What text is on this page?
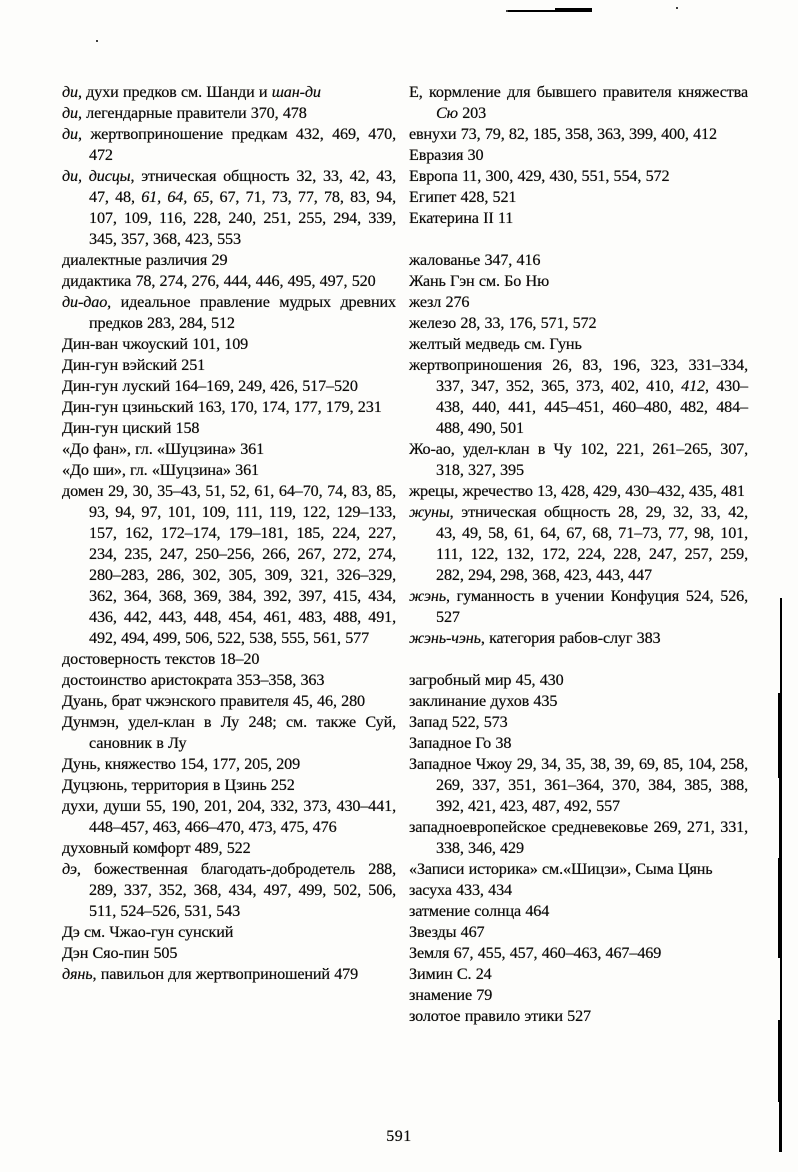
ди, духи предков см. Шанди и шан-ди

ди, легендарные правители 370, 478

ди, жертвоприношение предкам 432, 469, 470, 472

ди, дисцы, этническая общность 32, 33, 42, 43, 47, 48, 61, 64, 65, 67, 71, 73, 77, 78, 83, 94, 107, 109, 116, 228, 240, 251, 255, 294, 339, 345, 357, 368, 423, 553

диалектные различия 29

дидактика 78, 274, 276, 444, 446, 495, 497, 520

ди-дао, идеальное правление мудрых древних предков 283, 284, 512

Дин-ван чжоуский 101, 109

Дин-гун вэйский 251

Дин-гун луский 164–169, 249, 426, 517–520

Дин-гун цзиньский 163, 170, 174, 177, 179, 231

Дин-гун циский 158

«До фан», гл. «Шуцзина» 361

«До ши», гл. «Шуцзина» 361

домен 29, 30, 35–43, 51, 52, 61, 64–70, 74, 83, 85, 93, 94, 97, 101, 109, 111, 119, 122, 129–133, 157, 162, 172–174, 179–181, 185, 224, 227, 234, 235, 247, 250–256, 266, 267, 272, 274, 280–283, 286, 302, 305, 309, 321, 326–329, 362, 364, 368, 369, 384, 392, 397, 415, 434, 436, 442, 443, 448, 454, 461, 483, 488, 491, 492, 494, 499, 506, 522, 538, 555, 561, 577

достоверность текстов 18–20

достоинство аристократа 353–358, 363

Дуань, брат чжэнского правителя 45, 46, 280

Дунмэн, удел-клан в Лу 248; см. также Суй, сановник в Лу

Дунь, княжество 154, 177, 205, 209

Дуцзюнь, территория в Цзинь 252

духи, души 55, 190, 201, 204, 332, 373, 430–441, 448–457, 463, 466–470, 473, 475, 476

духовный комфорт 489, 522

дэ, божественная благодать-добродетель 288, 289, 337, 352, 368, 434, 497, 499, 502, 506, 511, 524–526, 531, 543

Дэ см. Чжао-гун сунский

Дэн Сяо-пин 505

дянь, павильон для жертвоприношений 479

Е, кормление для бывшего правителя княжества Сю 203

евнухи 73, 79, 82, 185, 358, 363, 399, 400, 412

Евразия 30

Европа 11, 300, 429, 430, 551, 554, 572

Египет 428, 521

Екатерина II 11

жалованье 347, 416

Жань Гэн см. Бо Ню

жезл 276

железо 28, 33, 176, 571, 572

желтый медведь см. Гунь

жертвоприношения 26, 83, 196, 323, 331–334, 337, 347, 352, 365, 373, 402, 410, 412, 430–438, 440, 441, 445–451, 460–480, 482, 484–488, 490, 501

Жо-ао, удел-клан в Чу 102, 221, 261–265, 307, 318, 327, 395

жрецы, жречество 13, 428, 429, 430–432, 435, 481

жуны, этническая общность 28, 29, 32, 33, 42, 43, 49, 58, 61, 64, 67, 68, 71–73, 77, 98, 101, 111, 122, 132, 172, 224, 228, 247, 257, 259, 282, 294, 298, 368, 423, 443, 447

жэнь, гуманность в учении Конфуция 524, 526, 527

жэнь-чэнь, категория рабов-слуг 383

загробный мир 45, 430

заклинание духов 435

Запад 522, 573

Западное Го 38

Западное Чжоу 29, 34, 35, 38, 39, 69, 85, 104, 258, 269, 337, 351, 361–364, 370, 384, 385, 388, 392, 421, 423, 487, 492, 557

западноевропейское средневековье 269, 271, 331, 338, 346, 429

«Записи историка» см.«Шицзи», Сыма Цянь

засуха 433, 434

затмение солнца 464

Звезды 467

Земля 67, 455, 457, 460–463, 467–469

Зимин С. 24

знамение 79

золотое правило этики 527

591
